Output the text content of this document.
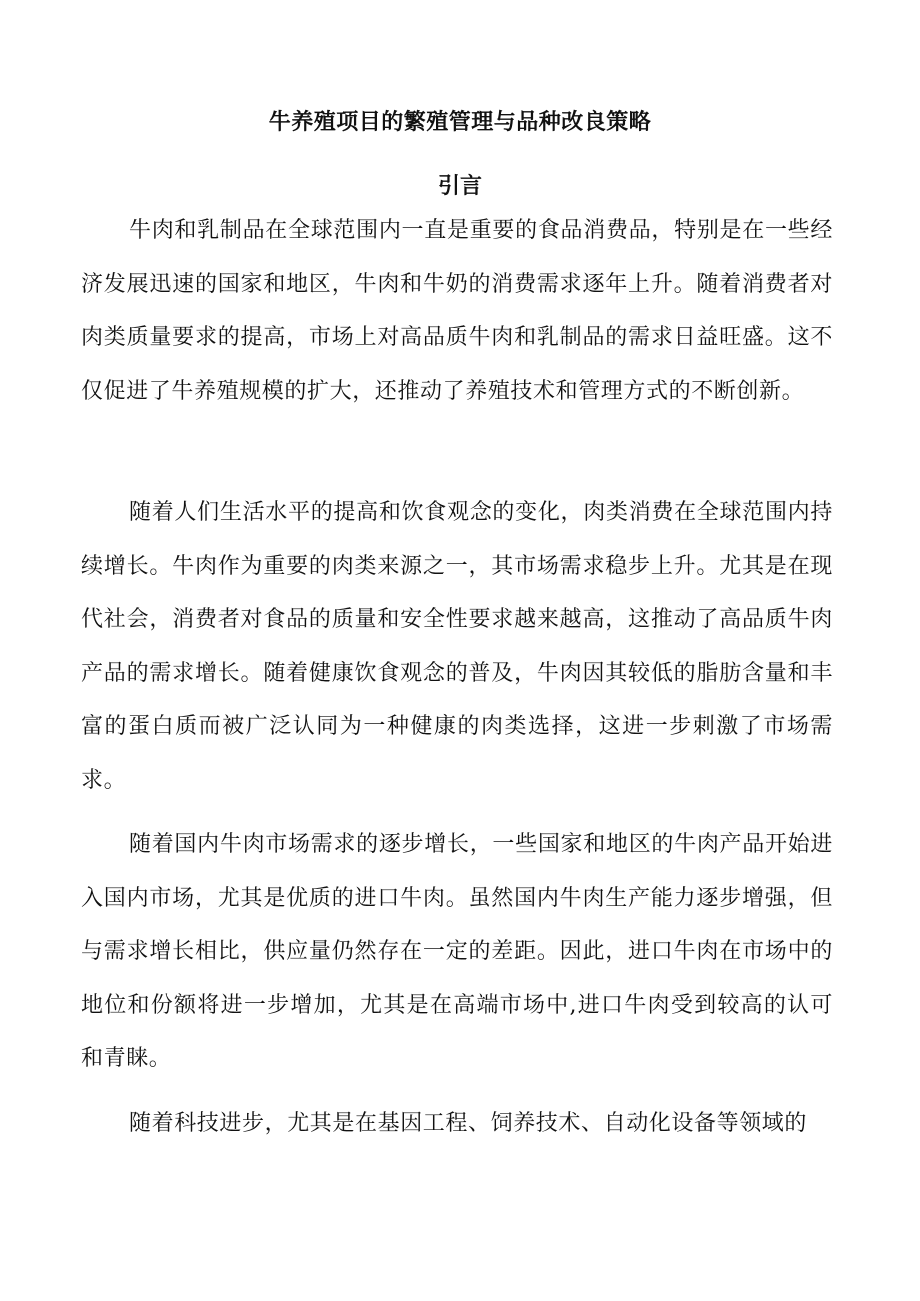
牛养殖项目的繁殖管理与品种改良策略
引言

牛肉和乳制品在全球范围内一直是重要的食品消费品，特别是在一些经济发展迅速的国家和地区，牛肉和牛奶的消费需求逐年上升。随着消费者对肉类质量要求的提高，市场上对高品质牛肉和乳制品的需求日益旺盛。这不仅促进了牛养殖规模的扩大，还推动了养殖技术和管理方式的不断创新。

随着人们生活水平的提高和饮食观念的变化，肉类消费在全球范围内持续增长。牛肉作为重要的肉类来源之一，其市场需求稳步上升。尤其是在现代社会，消费者对食品的质量和安全性要求越来越高，这推动了高品质牛肉产品的需求增长。随着健康饮食观念的普及，牛肉因其较低的脂肪含量和丰富的蛋白质而被广泛认同为一种健康的肉类选择，这进一步刺激了市场需求。

随着国内牛肉市场需求的逐步增长，一些国家和地区的牛肉产品开始进入国内市场，尤其是优质的进口牛肉。虽然国内牛肉生产能力逐步增强，但与需求增长相比，供应量仍然存在一定的差距。因此，进口牛肉在市场中的地位和份额将进一步增加，尤其是在高端市场中,进口牛肉受到较高的认可和青睐。

随着科技进步，尤其是在基因工程、饲养技术、自动化设备等领域的
